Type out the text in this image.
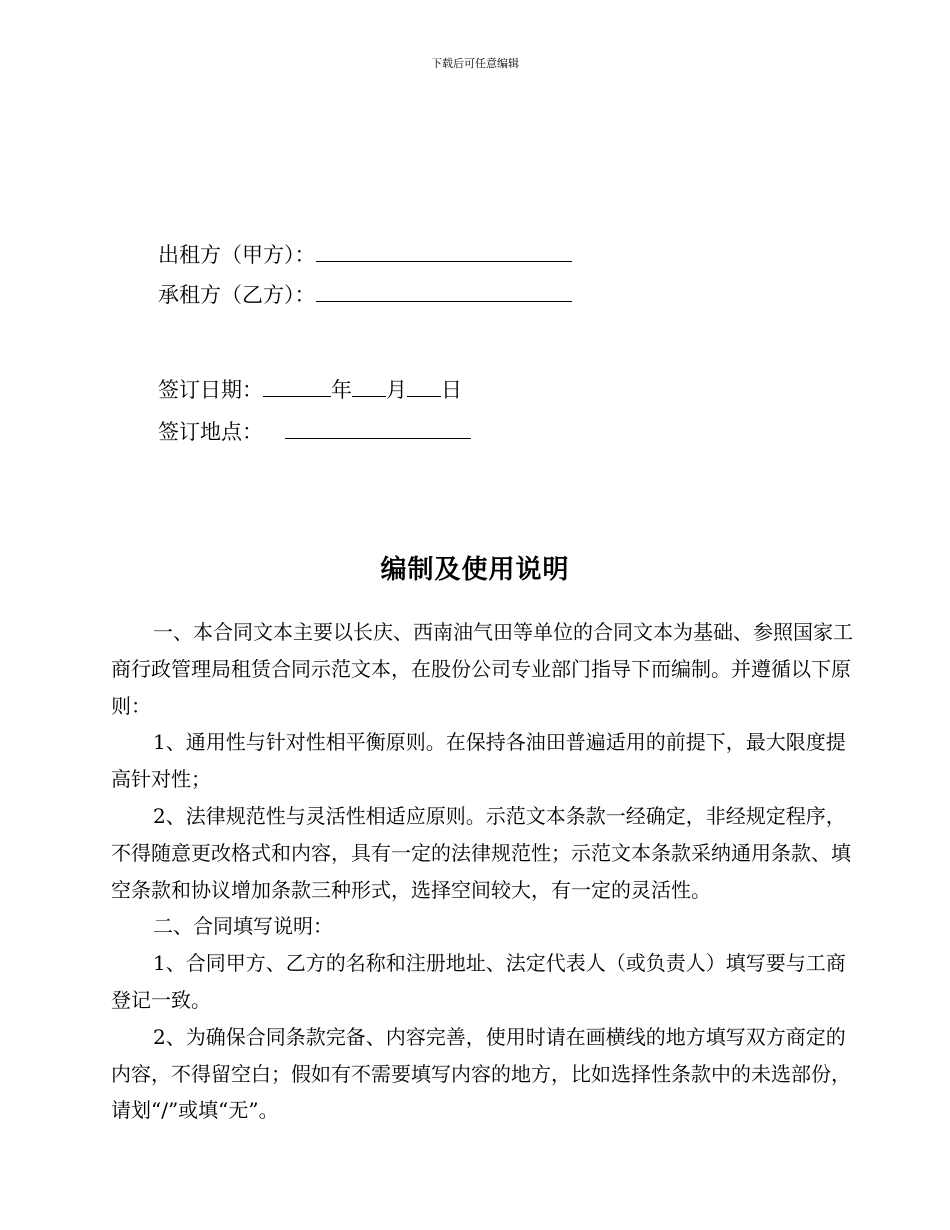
下载后可任意编辑
出租方（甲方）：
承租方（乙方）：
签订日期：	年 月 日
签订地点：
编制及使用说明

一、本合同文本主要以长庆、西南油气田等单位的合同文本为基础、参照国家工商行政管理局租赁合同示范文本，在股份公司专业部门指导下而编制。并遵循以下原则：

1、通用性与针对性相平衡原则。在保持各油田普遍适用的前提下，最大限度提高针对性；

2、法律规范性与灵活性相适应原则。示范文本条款一经确定，非经规定程序，不得随意更改格式和内容，具有一定的法律规范性；示范文本条款采纳通用条款、填空条款和协议增加条款三种形式，选择空间较大，有一定的灵活性。

二、合同填写说明：

1、合同甲方、乙方的名称和注册地址、法定代表人（或负责人）填写要与工商登记一致。

2、为确保合同条款完备、内容完善，使用时请在画横线的地方填写双方商定的内容，不得留空白；假如有不需要填写内容的地方，比如选择性条款中的未选部份，请划“/”或填“无”。
